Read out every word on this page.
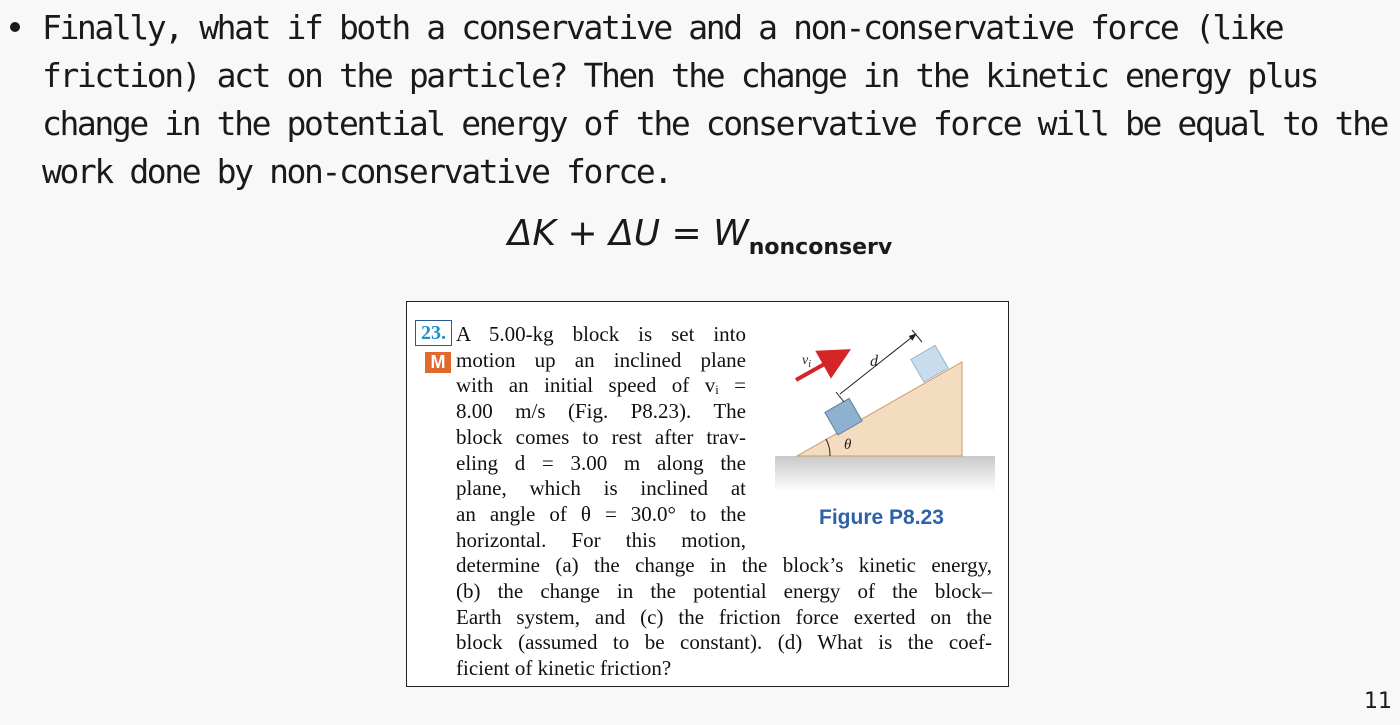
Finally, what if both a conservative and a non-conservative force (like
friction) act on the particle? Then the change in the kinetic energy plus
change in the potential energy of the conservative force will be equal to the
work done by non-conservative force.
$\Delta K + \Delta U = W_{nonconserv}$
23.
M
A 5.00-kg block is set into
motion up an inclined plane
with an initial speed of vᵢ =
8.00 m/s (Fig. P8.23). The
block comes to rest after trav-
eling d = 3.00 m along the
plane, which is inclined at
an angle of θ = 30.0° to the
horizontal. For this motion,
determine (a) the change in the block’s kinetic energy,
(b) the change in the potential energy of the block–
Earth system, and (c) the friction force exerted on the
block (assumed to be constant). (d) What is the coef-
ficient of kinetic friction?
$v_i$	d
θ
Figure P8.23
11
